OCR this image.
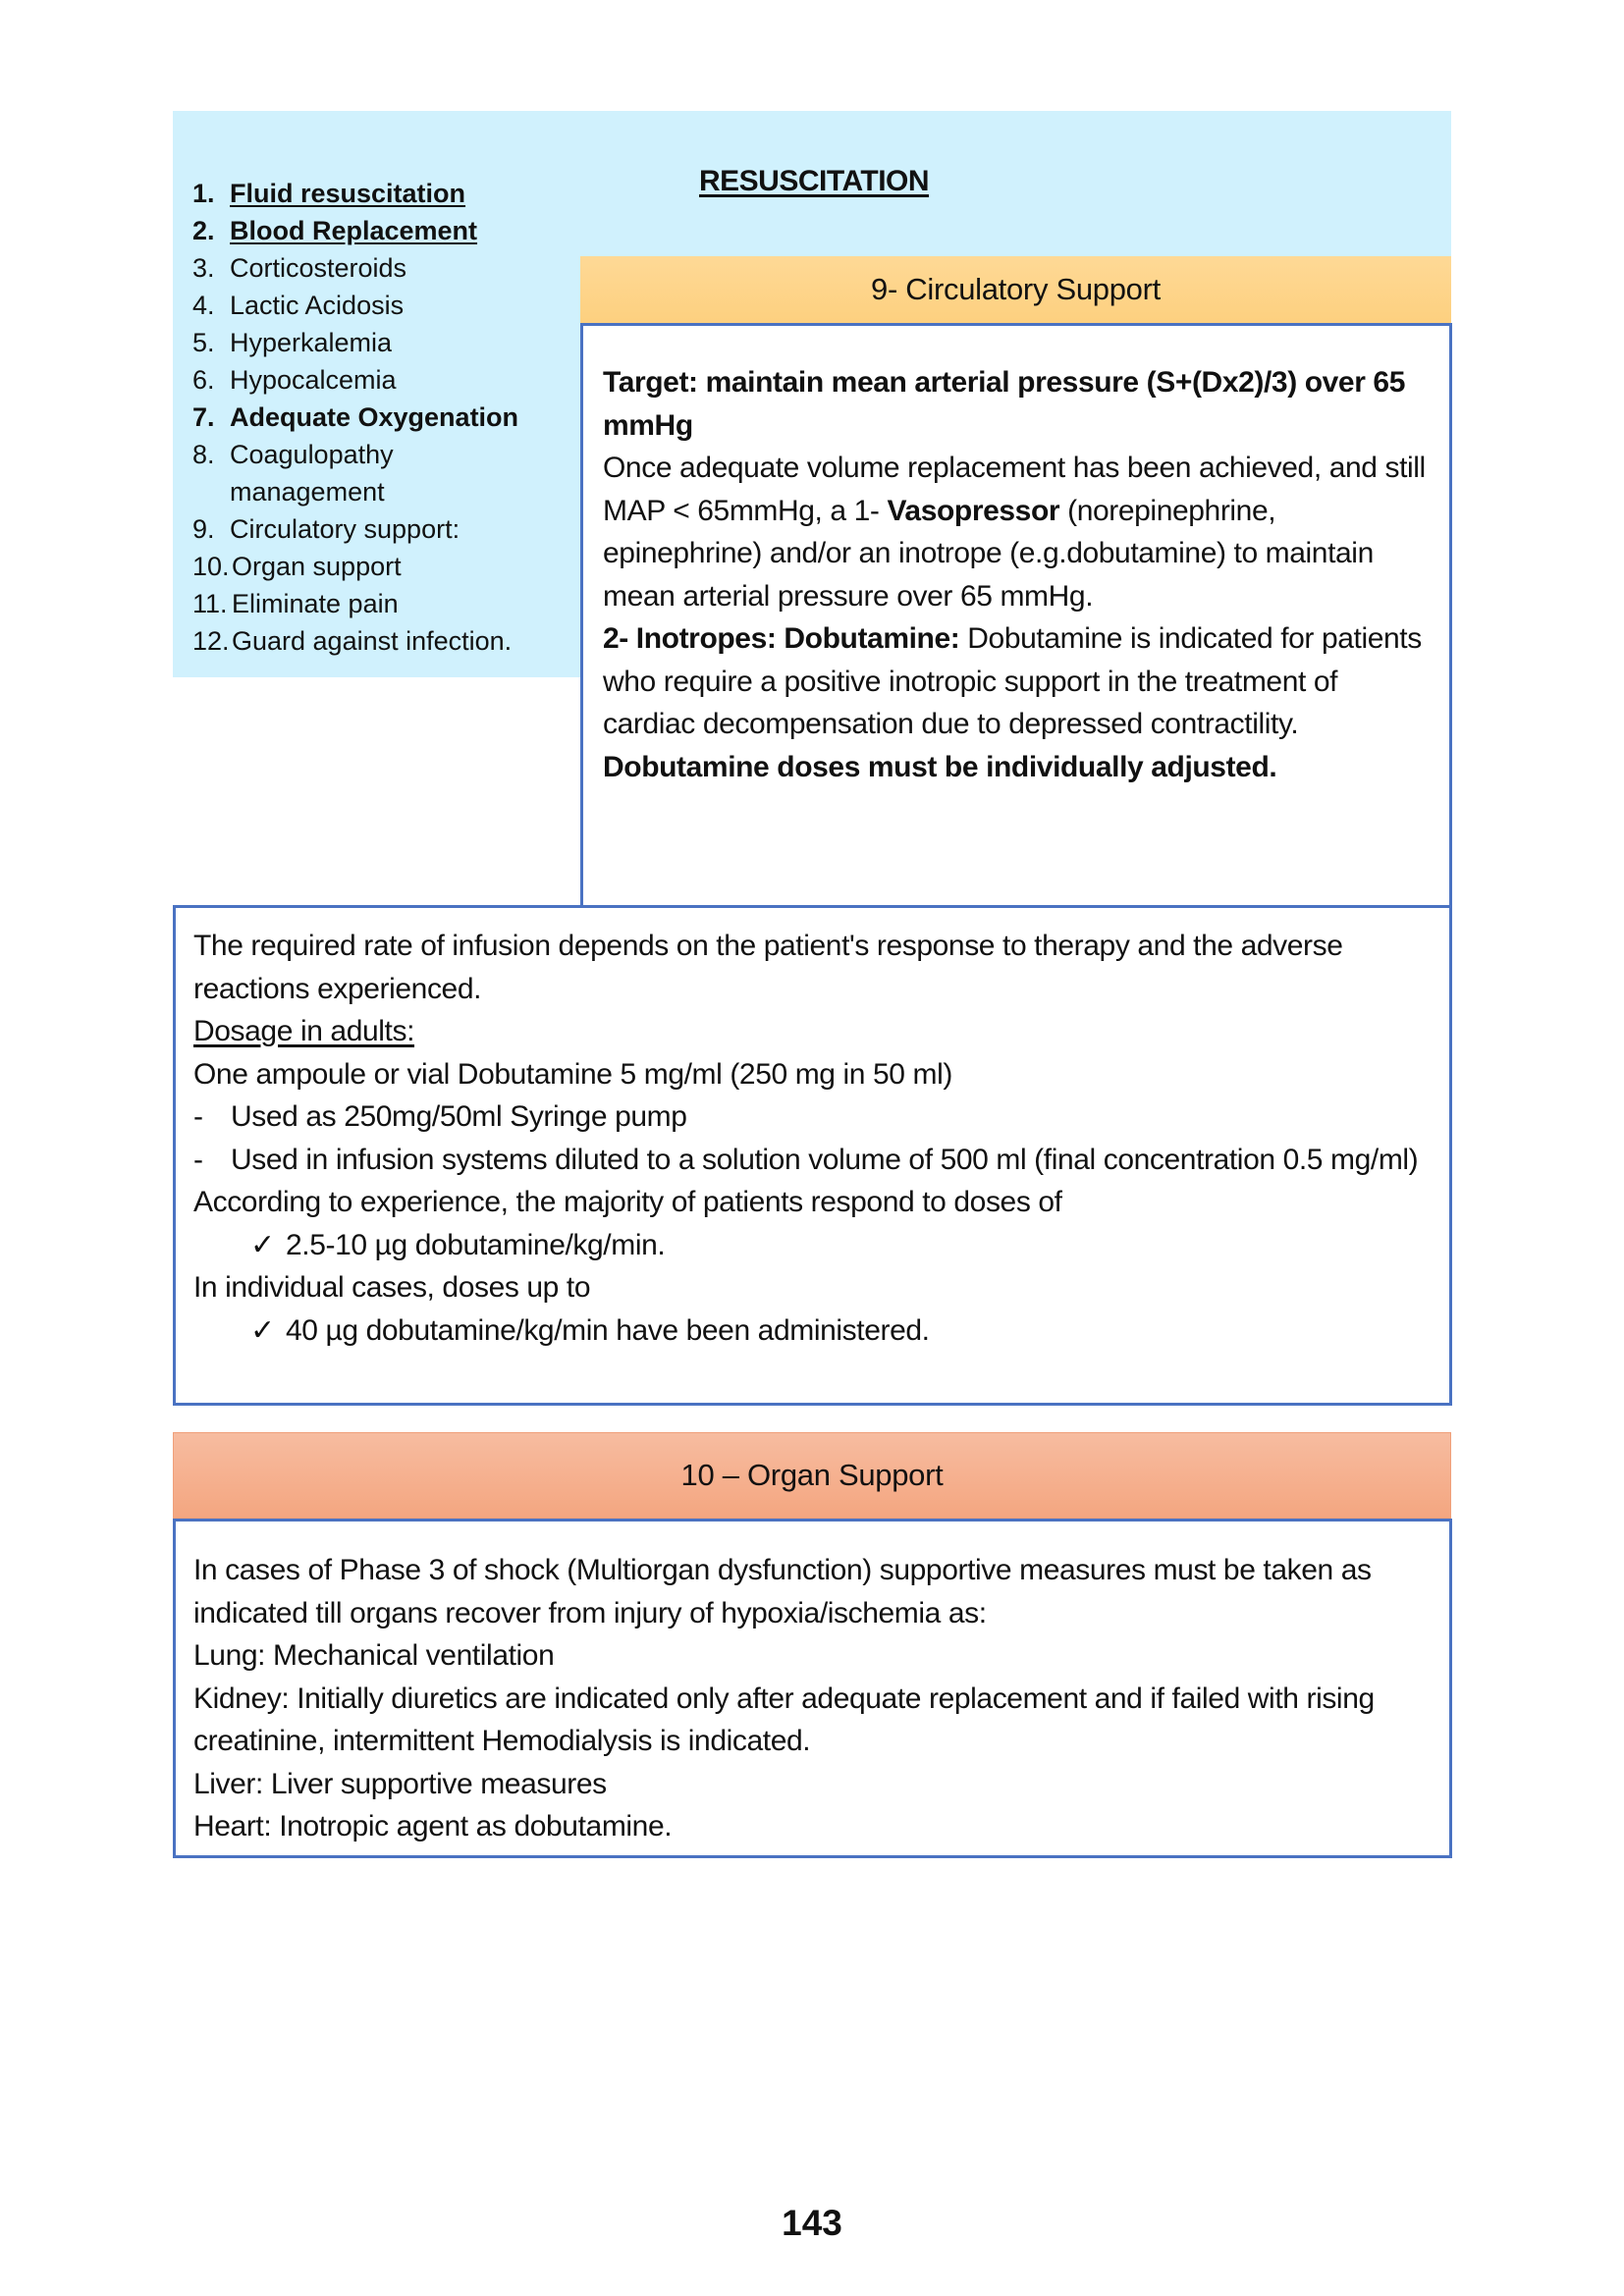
RESUSCITATION
1. Fluid resuscitation
2. Blood Replacement
3. Corticosteroids
4. Lactic Acidosis
5. Hyperkalemia
6. Hypocalcemia
7. Adequate Oxygenation
8. Coagulopathy management
9. Circulatory support:
10. Organ support
11. Eliminate pain
12. Guard against infection.
9- Circulatory Support

Target: maintain mean arterial pressure (S+(Dx2)/3) over 65 mmHg

Once adequate volume replacement has been achieved, and still MAP < 65mmHg, a 1- Vasopressor (norepinephrine, epinephrine) and/or an inotrope (e.g.dobutamine) to maintain mean arterial pressure over 65 mmHg.

2- Inotropes: Dobutamine: Dobutamine is indicated for patients who require a positive inotropic support in the treatment of cardiac decompensation due to depressed contractility. Dobutamine doses must be individually adjusted.

The required rate of infusion depends on the patient's response to therapy and the adverse reactions experienced.

Dosage in adults:

One ampoule or vial Dobutamine 5 mg/ml (250 mg in 50 ml)

- Used as 250mg/50ml Syringe pump
- Used in infusion systems diluted to a solution volume of 500 ml (final concentration 0.5 mg/ml)

According to experience, the majority of patients respond to doses of

✓ 2.5-10 µg dobutamine/kg/min.

In individual cases, doses up to

✓ 40 µg dobutamine/kg/min have been administered.

10 – Organ Support

In cases of Phase 3 of shock (Multiorgan dysfunction) supportive measures must be taken as indicated till organs recover from injury of hypoxia/ischemia as:

Lung: Mechanical ventilation

Kidney: Initially diuretics are indicated only after adequate replacement and if failed with rising creatinine, intermittent Hemodialysis is indicated.

Liver: Liver supportive measures

Heart: Inotropic agent as dobutamine.

143
